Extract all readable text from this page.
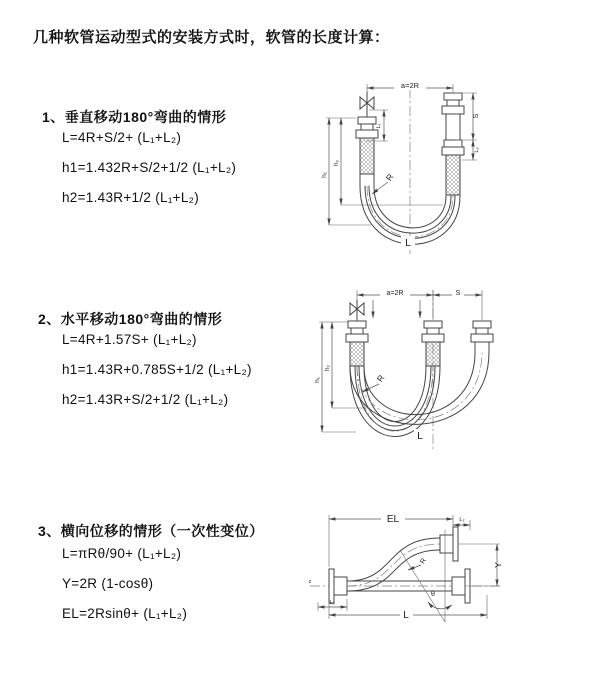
几种软管运动型式的安装方式时，软管的长度计算：
1、垂直移动180°弯曲的情形
L=4R+S/2+ (L₁+L₂)
h1=1.432R+S/2+1/2 (L₁+L₂)
h2=1.43R+1/2 (L₁+L₂)
a=2R
L₁
S
L₂
h₁
h₂
R
L
2、水平移动180°弯曲的情形
L=4R+1.57S+ (L₁+L₂)
h1=1.43R+0.785S+1/2 (L₁+L₂)
h2=1.43R+S/2+1/2 (L₁+L₂)
a=2R	S
h₁
h₂
R
L
3、横向位移的情形（一次性变位）
L=πRθ/90+ (L₁+L₂)
Y=2R (1-cosθ)
EL=2Rsinθ+ (L₁+L₂)
z
θ
R
EL	L₂
Y
L
L₁
